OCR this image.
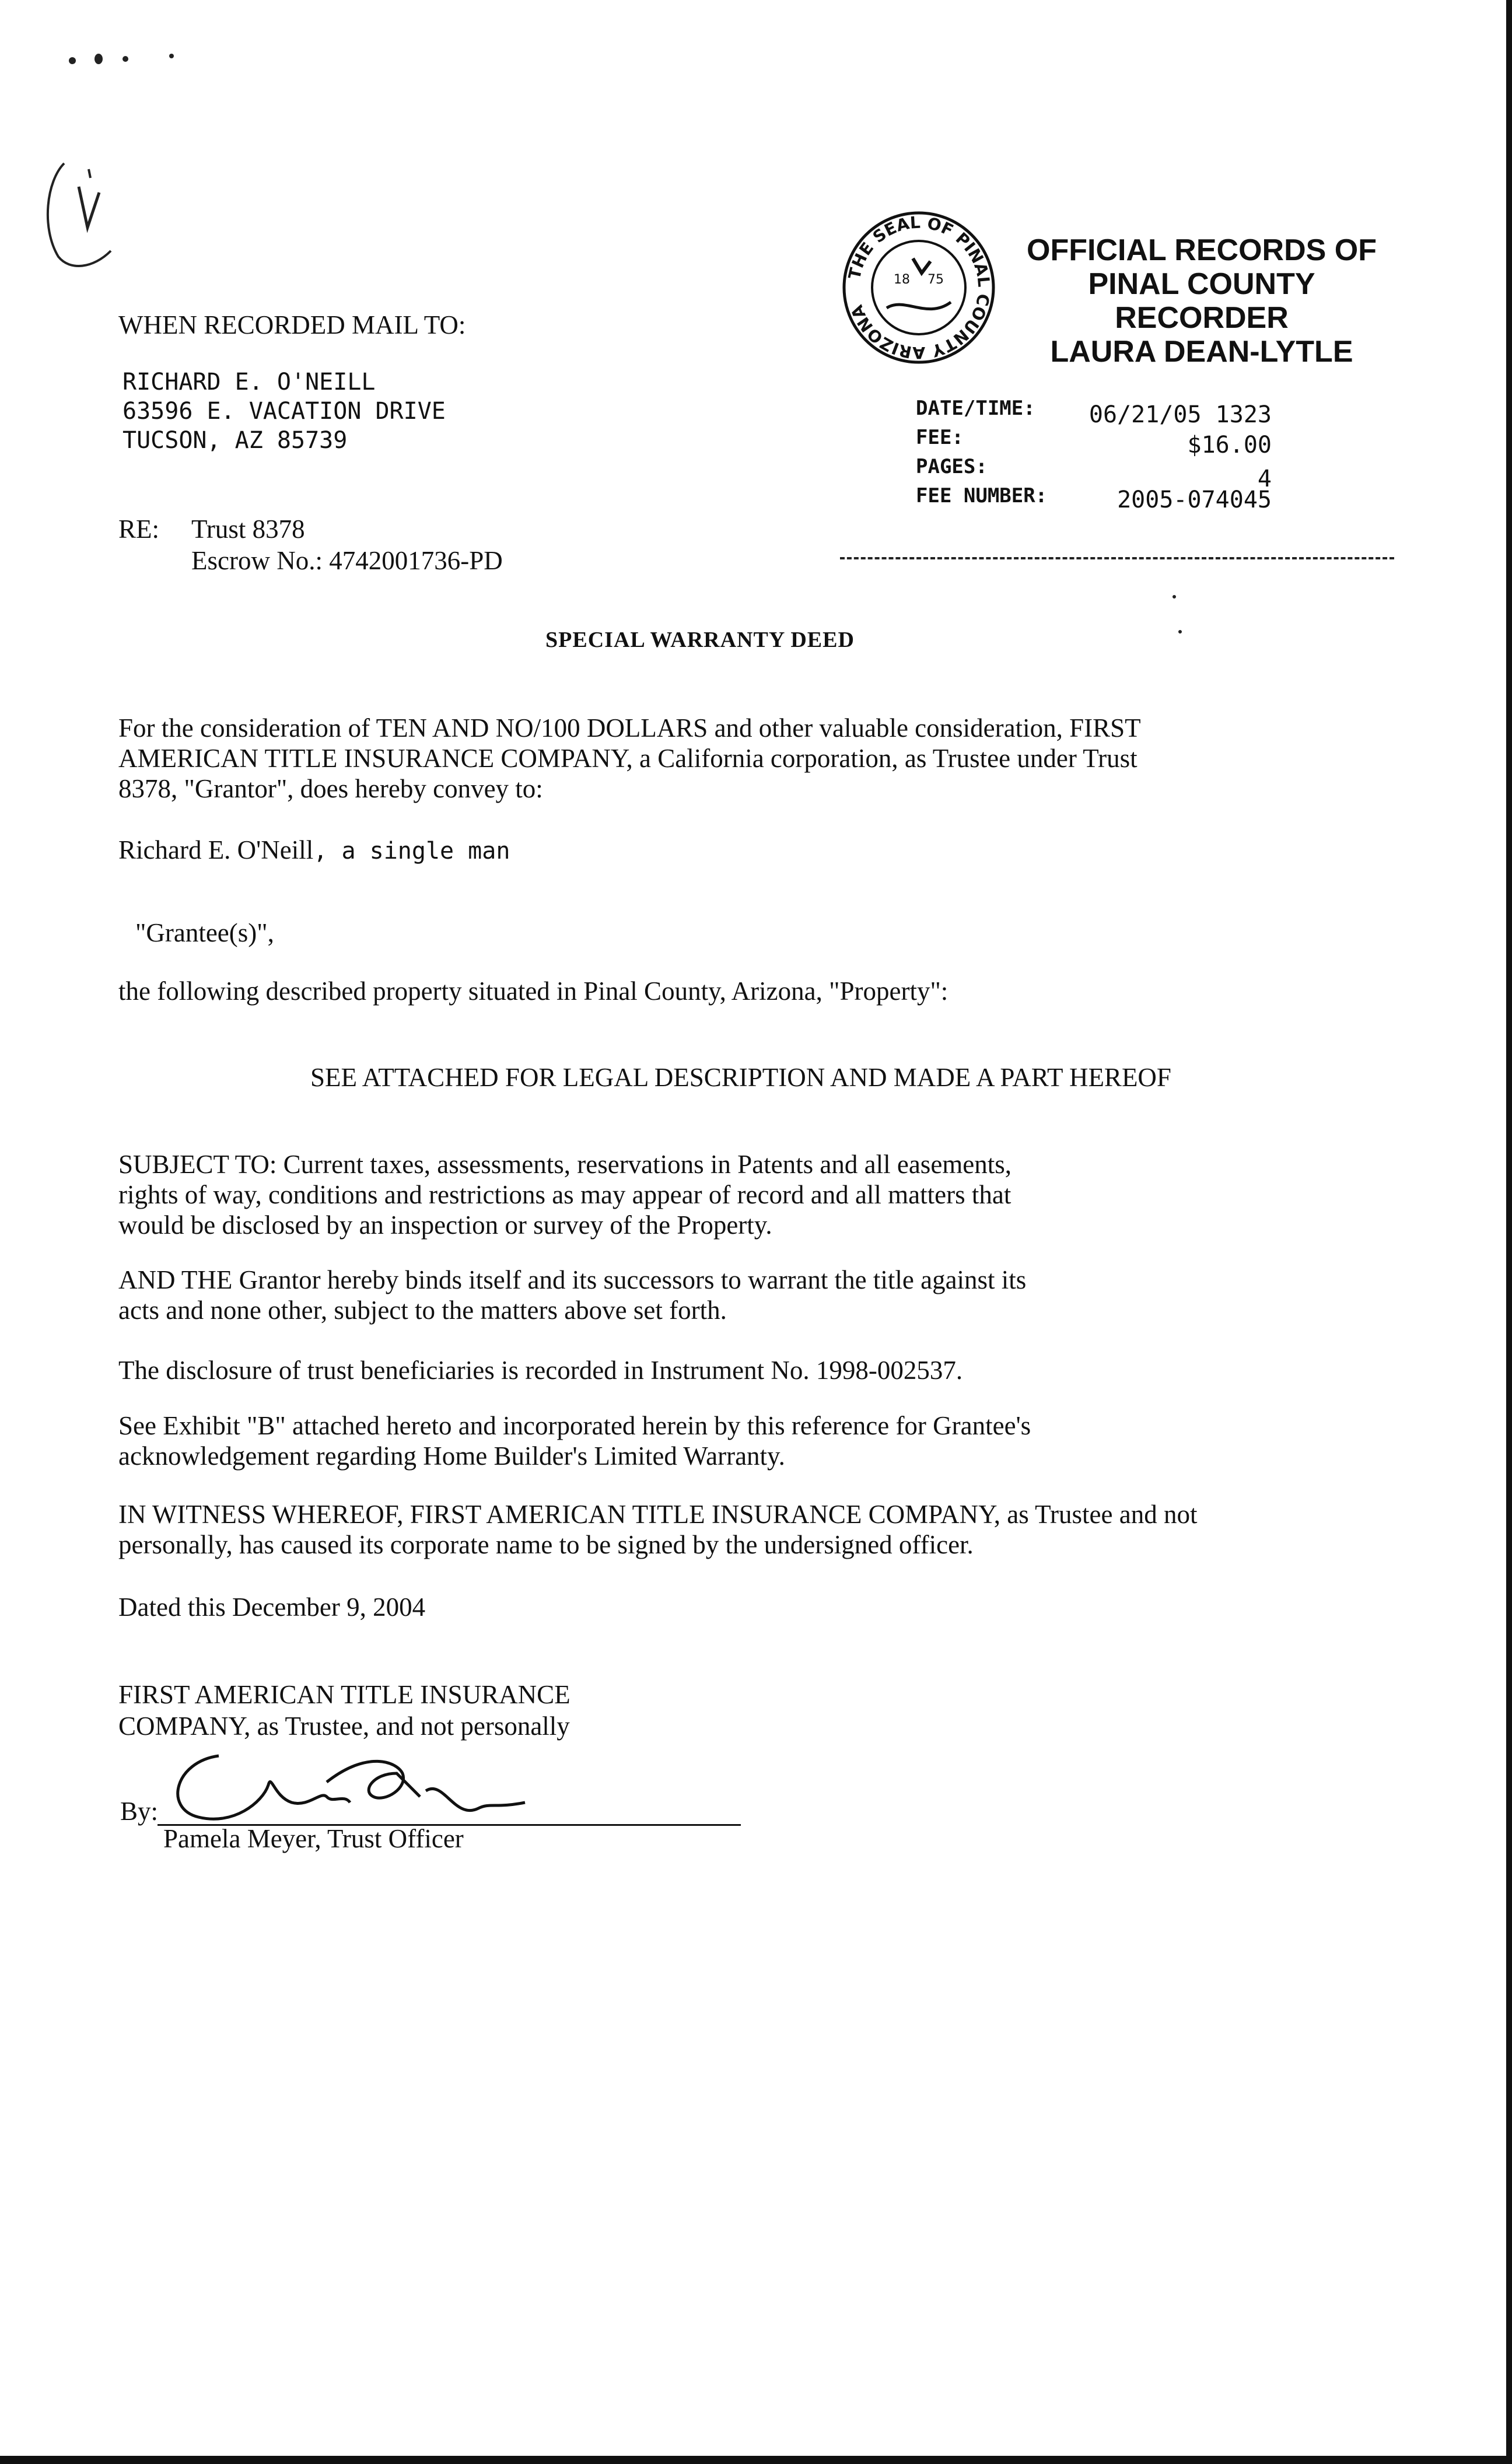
WHEN RECORDED MAIL TO:
RICHARD E. O'NEILL
63596 E. VACATION DRIVE
TUCSON, AZ 85739
RE: Trust 8378
Escrow No.: 4742001736-PD
THE SEAL OF PINAL COUNTY ARIZONA
18 75
OFFICIAL RECORDS OF
PINAL COUNTY RECORDER
LAURA DEAN-LYTLE
DATE/TIME: 06/21/05 1323
FEE:	$16.00
PAGES:	4
FEE NUMBER:	2005-074045
SPECIAL WARRANTY DEED
For the consideration of TEN AND NO/100 DOLLARS and other valuable consideration, FIRST
AMERICAN TITLE INSURANCE COMPANY, a California corporation, as Trustee under Trust
8378, "Grantor", does hereby convey to:
Richard E. O'Neill, a single man
"Grantee(s)",
the following described property situated in Pinal County, Arizona, "Property":
SEE ATTACHED FOR LEGAL DESCRIPTION AND MADE A PART HEREOF
SUBJECT TO: Current taxes, assessments, reservations in Patents and all easements,
rights of way, conditions and restrictions as may appear of record and all matters that
would be disclosed by an inspection or survey of the Property.
AND THE Grantor hereby binds itself and its successors to warrant the title against its
acts and none other, subject to the matters above set forth.
The disclosure of trust beneficiaries is recorded in Instrument No. 1998-002537.
See Exhibit "B" attached hereto and incorporated herein by this reference for Grantee's
acknowledgement regarding Home Builder's Limited Warranty.
IN WITNESS WHEREOF, FIRST AMERICAN TITLE INSURANCE COMPANY, as Trustee and not
personally, has caused its corporate name to be signed by the undersigned officer.
Dated this December 9, 2004
FIRST AMERICAN TITLE INSURANCE
COMPANY, as Trustee, and not personally
By:
Pamela Meyer, Trust Officer
